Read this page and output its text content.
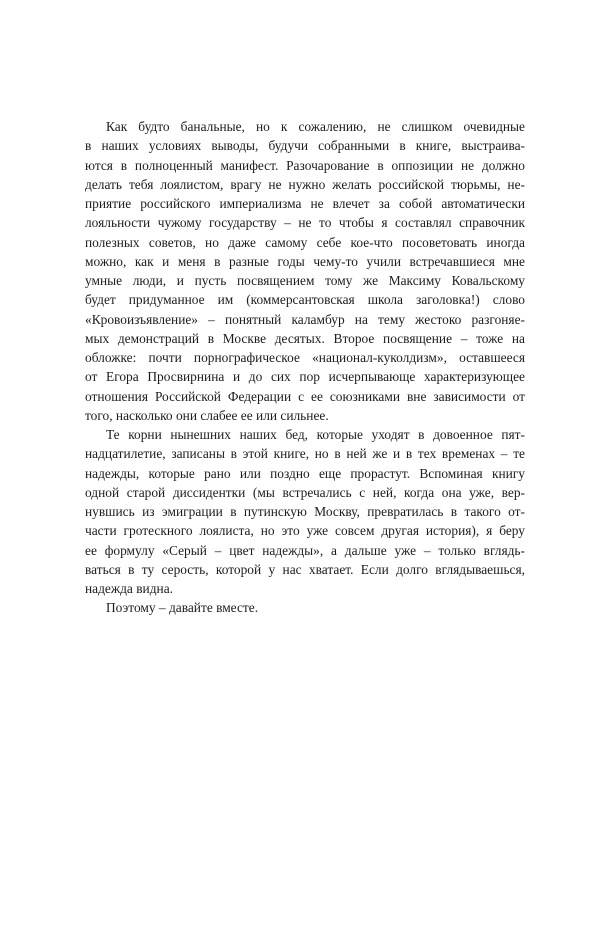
Как будто банальные, но к сожалению, не слишком очевидные
в наших условиях выводы, будучи собранными в книге, выстраива-
ются в полноценный манифест. Разочарование в оппозиции не должно
делать тебя лоялистом, врагу не нужно желать российской тюрьмы, не-
приятие российского империализма не влечет за собой автоматически
лояльности чужому государству – не то чтобы я составлял справочник
полезных советов, но даже самому себе кое-что посоветовать иногда
можно, как и меня в разные годы чему-то учили встречавшиеся мне
умные люди, и пусть посвящением тому же Максиму Ковальскому
будет придуманное им (коммерсантовская школа заголовка!) слово
«Кровоизъявление» – понятный каламбур на тему жестоко разгоняе-
мых демонстраций в Москве десятых. Второе посвящение – тоже на
обложке: почти порнографическое «национал-куколдизм», оставшееся
от Егора Просвирнина и до сих пор исчерпывающе характеризующее
отношения Российской Федерации с ее союзниками вне зависимости от
того, насколько они слабее ее или сильнее.
Те корни нынешних наших бед, которые уходят в довоенное пят-
надцатилетие, записаны в этой книге, но в ней же и в тех временах – те
надежды, которые рано или поздно еще прорастут. Вспоминая книгу
одной старой диссидентки (мы встречались с ней, когда она уже, вер-
нувшись из эмиграции в путинскую Москву, превратилась в такого от-
части гротескного лоялиста, но это уже совсем другая история), я беру
ее формулу «Серый – цвет надежды», а дальше уже – только вглядь-
ваться в ту серость, которой у нас хватает. Если долго вглядываешься,
надежда видна.
Поэтому – давайте вместе.
